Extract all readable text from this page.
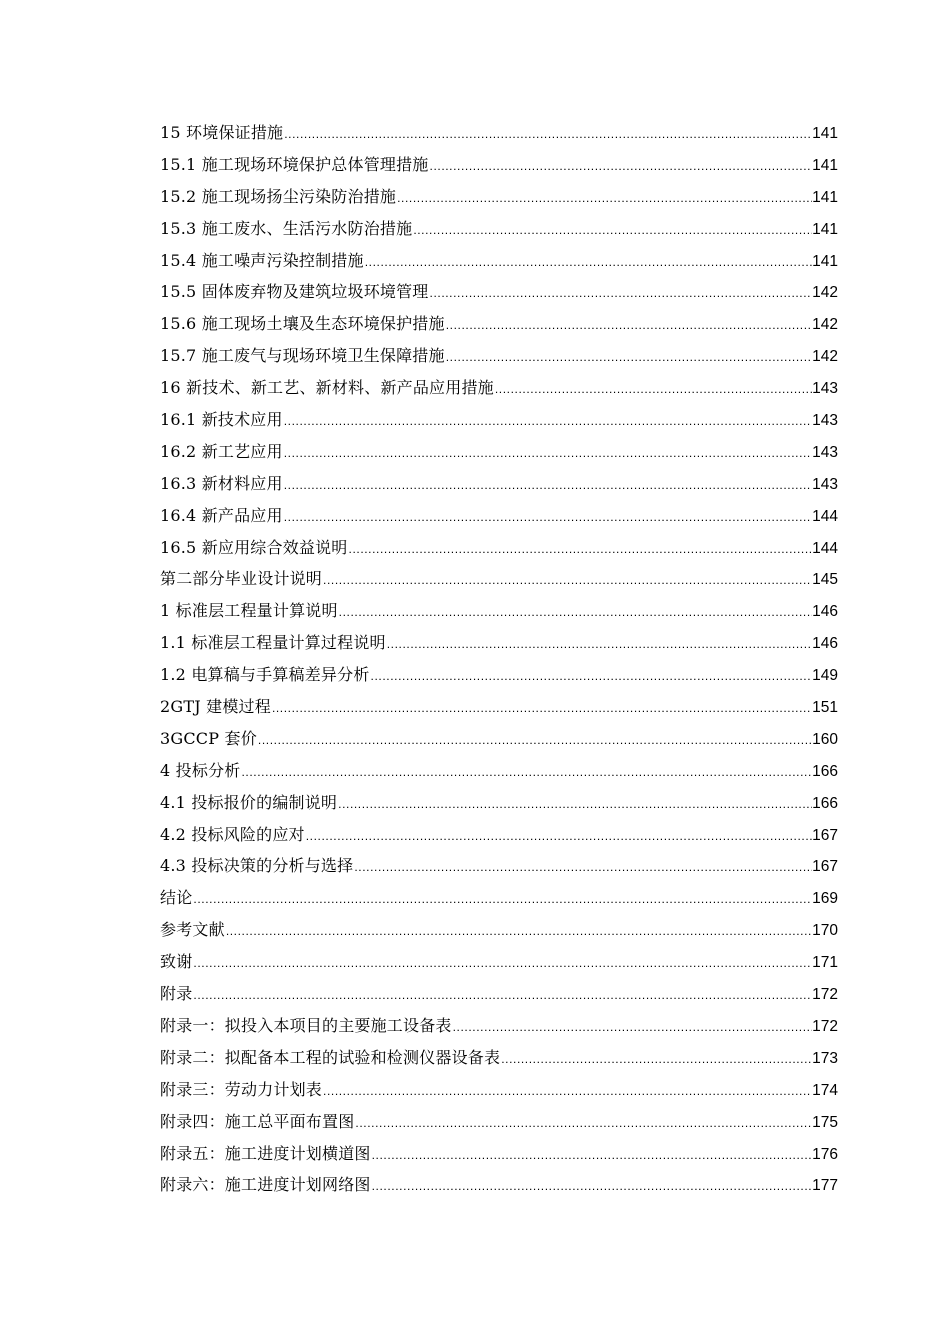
15 环境保证措施 .....	141
15.1 施工现场环境保护总体管理措施 .....	141
15.2 施工现场扬尘污染防治措施 .....	141
15.3 施工废水、生活污水防治措施 .....	141
15.4 施工噪声污染控制措施 .....	141
15.5 固体废弃物及建筑垃圾环境管理 .....	142
15.6 施工现场土壤及生态环境保护措施 .....	142
15.7 施工废气与现场环境卫生保障措施 .....	142
16 新技术、新工艺、新材料、新产品应用措施 .....	143
16.1 新技术应用 .....	143
16.2 新工艺应用 .....	143
16.3 新材料应用 .....	143
16.4 新产品应用 .....	144
16.5 新应用综合效益说明 .....	144
第二部分毕业设计说明 .....	145
1 标准层工程量计算说明 .....	146
1.1 标准层工程量计算过程说明 .....	146
1.2 电算稿与手算稿差异分析 .....	149
2GTJ 建模过程 .....	151
3GCCP 套价 .....	160
4 投标分析 .....	166
4.1 投标报价的编制说明 .....	166
4.2 投标风险的应对 .....	167
4.3 投标决策的分析与选择 .....	167
结论 .....	169
参考文献 .....	170
致谢 .....	171
附录 .....	172
附录一：拟投入本项目的主要施工设备表 .....	172
附录二：拟配备本工程的试验和检测仪器设备表 .....	173
附录三：劳动力计划表 .....	174
附录四：施工总平面布置图 .....	175
附录五：施工进度计划横道图 .....	176
附录六：施工进度计划网络图 .....	177
